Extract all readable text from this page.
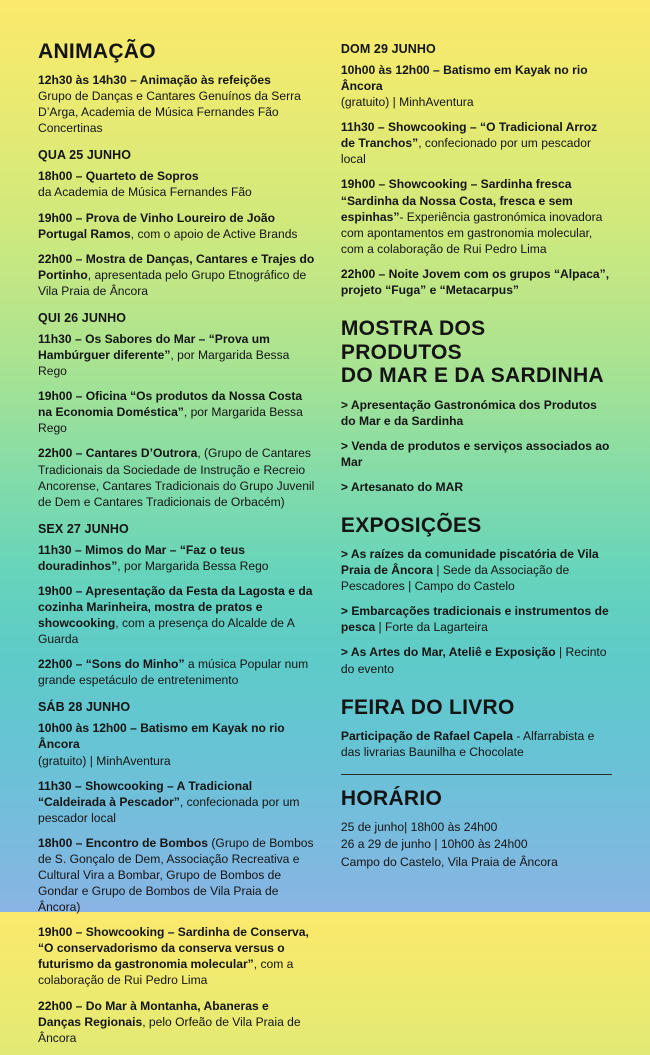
ANIMAÇÃO

12h30 às 14h30 – Animação às refeições
Grupo de Danças e Cantares Genuínos da Serra D’Arga, Academia de Música Fernandes Fão Concertinas

QUA 25 JUNHO

18h00 – Quarteto de Sopros
da Academia de Música Fernandes Fão

19h00 – Prova de Vinho Loureiro de João Portugal Ramos, com o apoio de Active Brands

22h00 – Mostra de Danças, Cantares e Trajes do Portinho, apresentada pelo Grupo Etnográfico de Vila Praia de Âncora

QUI 26 JUNHO

11h30 – Os Sabores do Mar – “Prova um Hambúrguer diferente”, por Margarida Bessa Rego

19h00 – Oficina “Os produtos da Nossa Costa na Economia Doméstica”, por Margarida Bessa Rego

22h00 – Cantares D’Outrora, (Grupo de Cantares Tradicionais da Sociedade de Instrução e Recreio Ancorense, Cantares Tradicionais do Grupo Juvenil de Dem e Cantares Tradicionais de Orbacém)

SEX 27 JUNHO

11h30 – Mimos do Mar – “Faz o teus douradinhos”, por Margarida Bessa Rego

19h00 – Apresentação da Festa da Lagosta e da cozinha Marinheira, mostra de pratos e showcooking, com a presença do Alcalde de A Guarda

22h00 – “Sons do Minho” a música Popular num grande espetáculo de entretenimento

SÁB 28 JUNHO

10h00 às 12h00 – Batismo em Kayak no rio Âncora
(gratuito) | MinhAventura

11h30 – Showcooking – A Tradicional “Caldeirada à Pescador”, confecionada por um pescador local

18h00 – Encontro de Bombos (Grupo de Bombos de S. Gonçalo de Dem, Associação Recreativa e Cultural Vira a Bombar, Grupo de Bombos de Gondar e Grupo de Bombos de Vila Praia de Âncora)

19h00 – Showcooking – Sardinha de Conserva, “O conservadorismo da conserva versus o futurismo da gastronomia molecular”, com a colaboração de Rui Pedro Lima

22h00 – Do Mar à Montanha, Abaneras e Danças Regionais, pelo Orfeão de Vila Praia de Âncora

DOM 29 JUNHO

10h00 às 12h00 – Batismo em Kayak no rio Âncora
(gratuito) | MinhAventura

11h30 – Showcooking – “O Tradicional Arroz de Tranchos”, confecionado por um pescador local

19h00 – Showcooking – Sardinha fresca “Sardinha da Nossa Costa, fresca e sem espinhas”- Experiência gastronómica inovadora com apontamentos em gastronomia molecular, com a colaboração de Rui Pedro Lima

22h00 – Noite Jovem com os grupos “Alpaca”, projeto “Fuga” e “Metacarpus”

MOSTRA DOS PRODUTOS
DO MAR E DA SARDINHA

> Apresentação Gastronómica dos Produtos do Mar e da Sardinha

> Venda de produtos e serviços associados ao Mar

> Artesanato do MAR

EXPOSIÇÕES

> As raízes da comunidade piscatória de Vila Praia de Âncora | Sede da Associação de Pescadores | Campo do Castelo

> Embarcações tradicionais e instrumentos de pesca | Forte da Lagarteira

> As Artes do Mar, Ateliê e Exposição | Recinto do evento

FEIRA DO LIVRO

Participação de Rafael Capela - Alfarrabista e das livrarias Baunilha e Chocolate

HORÁRIO

25 de junho| 18h00 às 24h00

26 a 29 de junho | 10h00 às 24h00

Campo do Castelo, Vila Praia de Âncora
